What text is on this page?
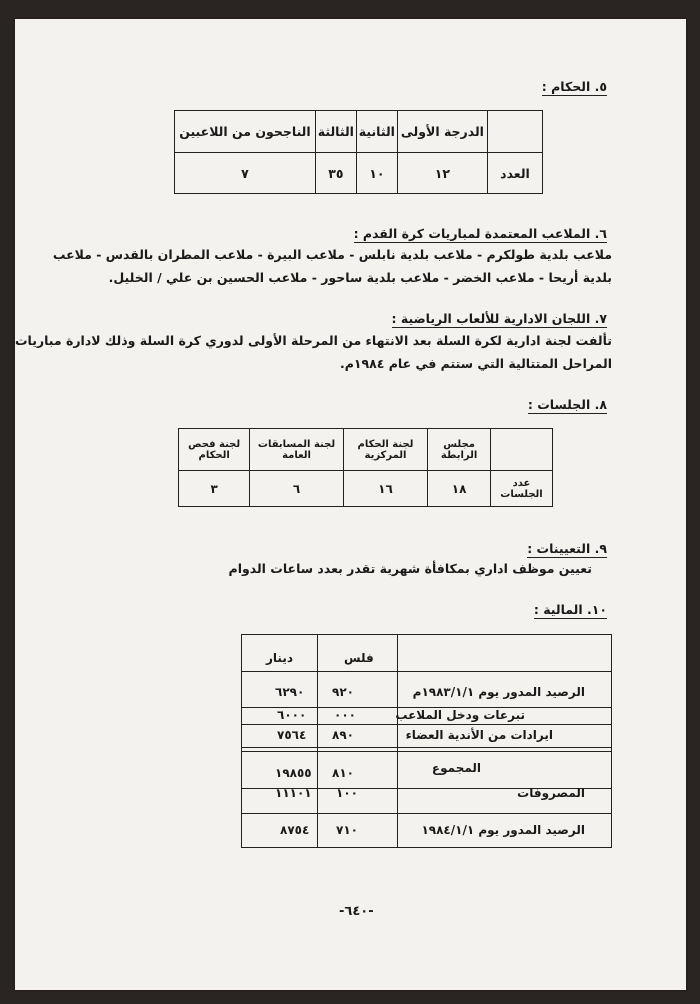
٥. الحكام :
	الدرجة الأولى	الثانية	الثالثة	الناجحون من اللاعبين
العدد	١٢	١٠	٣٥	٧
٦. الملاعب المعتمدة لمباريات كرة القدم :
ملاعب بلدية طولكرم - ملاعب بلدية نابلس - ملاعب البيرة - ملاعب المطران بالقدس - ملاعب
بلدية أريحا - ملاعب الخضر - ملاعب بلدية ساحور - ملاعب الحسين بن علي / الخليل.
٧. اللجان الادارية للألعاب الرياضية :
تألفت لجنة ادارية لكرة السلة بعد الانتهاء من المرحلة الأولى لدوري كرة السلة وذلك لادارة مباريات
المراحل المتتالية التي ستتم في عام ١٩٨٤م.
٨. الجلسات :
	مجلس الرابطة	لجنة الحكام المركزية	لجنة المسابقات العامة	لجنة فحص الحكام
عدد الجلسات	١٨	١٦	٦	٣
٩. التعيينات :
تعيين موظف اداري بمكافأة شهرية تقدر بعدد ساعات الدوام
١٠. المالية :
دينار	فلس
٦٢٩٠ ٩٢٠	الرصيد المدور يوم ١٩٨٣/١/١م
٦٠٠٠ ٠٠٠	تبرعات ودخل الملاعب
٧٥٦٤ ٨٩٠	ايرادات من الأندية العضاء
١٩٨٥٥ ٨١٠	المجموع
١١١٠١ ١٠٠	المصروفات
٨٧٥٤ ٧١٠	الرصيد المدور يوم ١٩٨٤/١/١
-٦٤٠-
